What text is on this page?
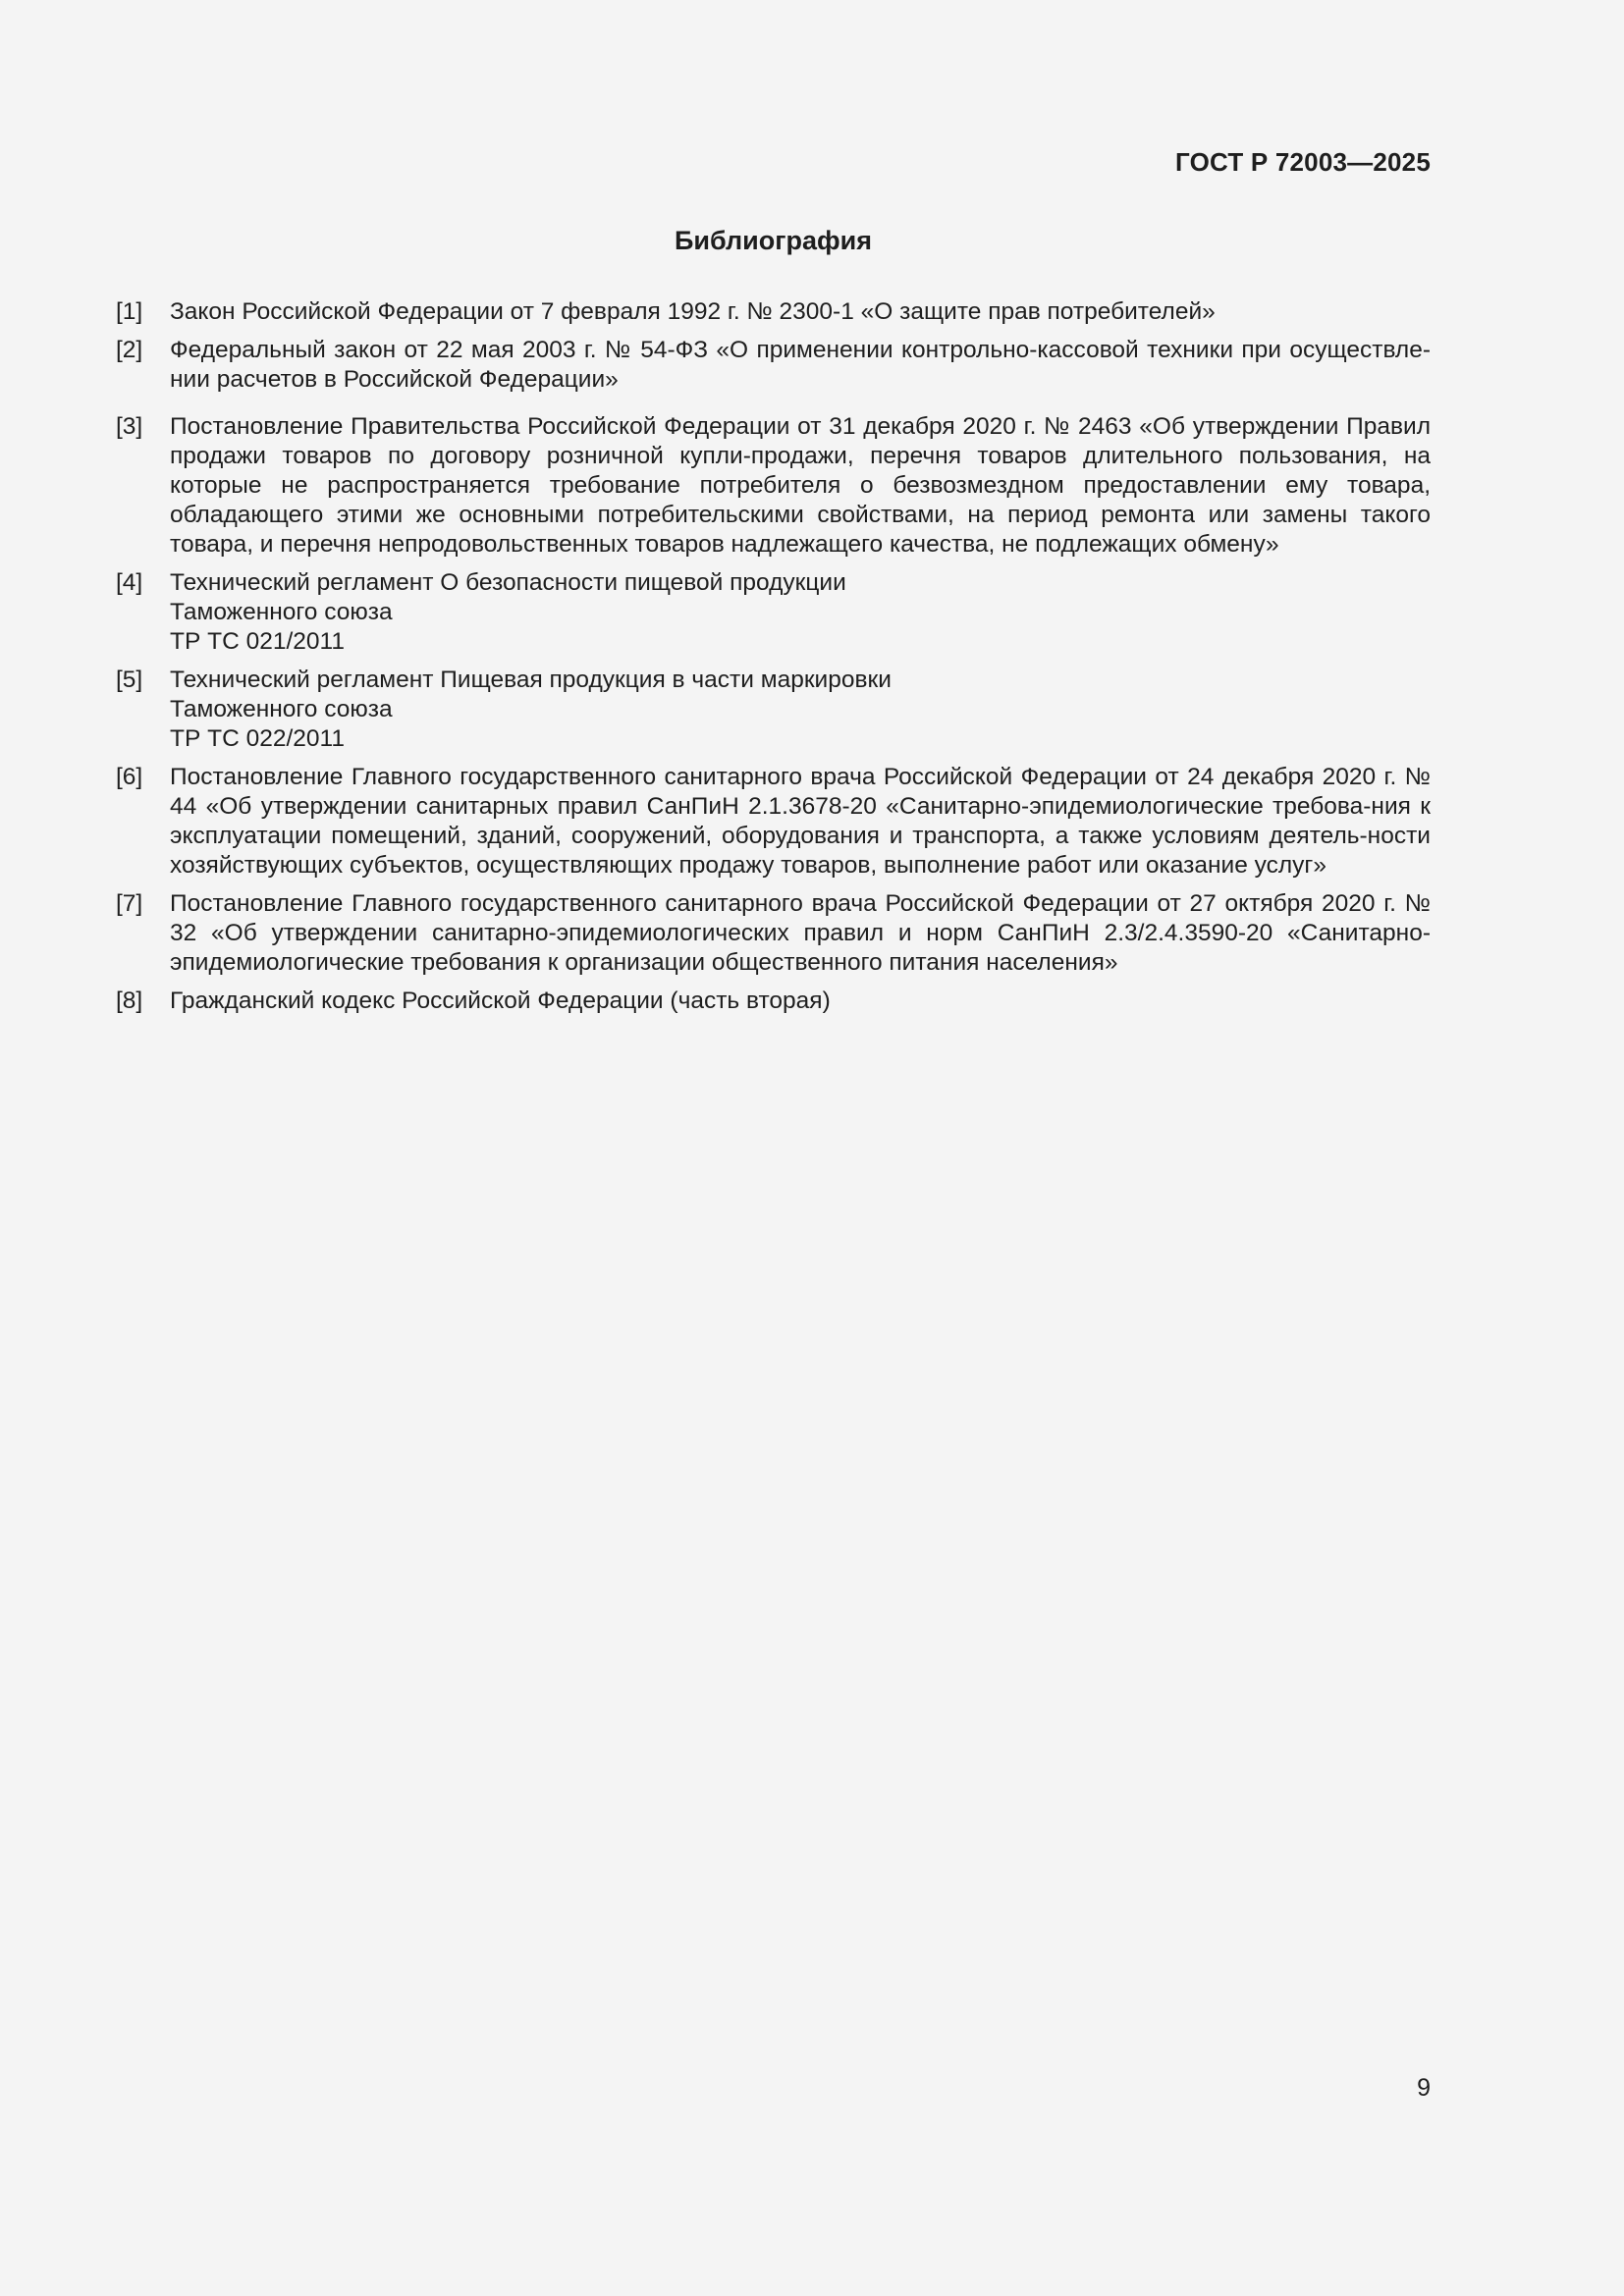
ГОСТ Р 72003—2025
Библиография
[1] Закон Российской Федерации от 7 февраля 1992 г. № 2300-1 «О защите прав потребителей»
[2] Федеральный закон от 22 мая 2003 г. № 54-ФЗ «О применении контрольно-кассовой техники при осуществле-нии расчетов в Российской Федерации»
[3] Постановление Правительства Российской Федерации от 31 декабря 2020 г. № 2463 «Об утверждении Правил продажи товаров по договору розничной купли-продажи, перечня товаров длительного пользования, на которые не распространяется требование потребителя о безвозмездном предоставлении ему товара, обладающего этими же основными потребительскими свойствами, на период ремонта или замены такого товара, и перечня непродовольственных товаров надлежащего качества, не подлежащих обмену»
[4] Технический регламент О безопасности пищевой продукции
Таможенного союза
ТР ТС 021/2011
[5] Технический регламент Пищевая продукция в части маркировки
Таможенного союза
ТР ТС 022/2011
[6] Постановление Главного государственного санитарного врача Российской Федерации от 24 декабря 2020 г. № 44 «Об утверждении санитарных правил СанПиН 2.1.3678-20 «Санитарно-эпидемиологические требова-ния к эксплуатации помещений, зданий, сооружений, оборудования и транспорта, а также условиям деятель-ности хозяйствующих субъектов, осуществляющих продажу товаров, выполнение работ или оказание услуг»
[7] Постановление Главного государственного санитарного врача Российской Федерации от 27 октября 2020 г. № 32 «Об утверждении санитарно-эпидемиологических правил и норм СанПиН 2.3/2.4.3590-20 «Санитарно-эпидемиологические требования к организации общественного питания населения»
[8] Гражданский кодекс Российской Федерации (часть вторая)
9
